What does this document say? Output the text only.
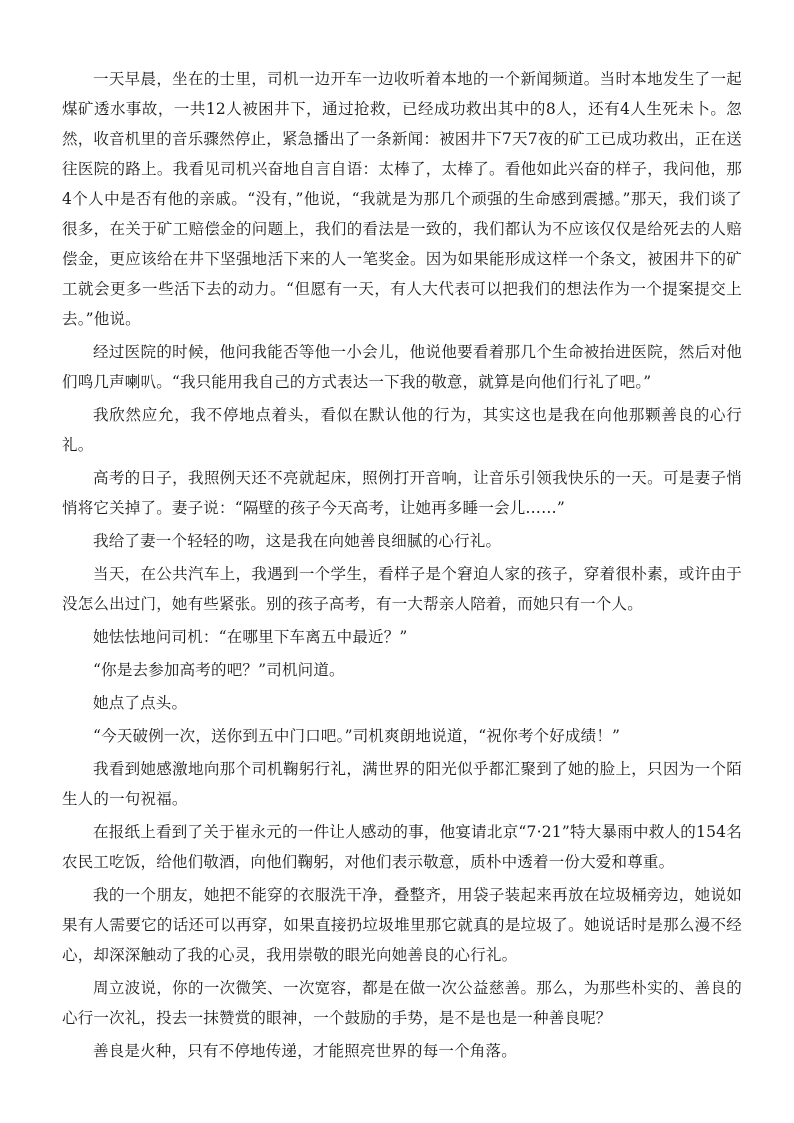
一天早晨，坐在的士里，司机一边开车一边收听着本地的一个新闻频道。当时本地发生了一起煤矿透水事故，一共12人被困井下，通过抢救，已经成功救出其中的8人，还有4人生死未卜。忽然，收音机里的音乐骤然停止，紧急播出了一条新闻：被困井下7天7夜的矿工已成功救出，正在送往医院的路上。我看见司机兴奋地自言自语：太棒了，太棒了。看他如此兴奋的样子，我问他，那4个人中是否有他的亲戚。“没有，”他说，“我就是为那几个顽强的生命感到震撼。”那天，我们谈了很多，在关于矿工赔偿金的问题上，我们的看法是一致的，我们都认为不应该仅仅是给死去的人赔偿金，更应该给在井下坚强地活下来的人一笔奖金。因为如果能形成这样一个条文，被困井下的矿工就会更多一些活下去的动力。“但愿有一天，有人大代表可以把我们的想法作为一个提案提交上去。”他说。

经过医院的时候，他问我能否等他一小会儿，他说他要看着那几个生命被抬进医院，然后对他们鸣几声喇叭。“我只能用我自己的方式表达一下我的敬意，就算是向他们行礼了吧。”

我欣然应允，我不停地点着头，看似在默认他的行为，其实这也是我在向他那颗善良的心行礼。

高考的日子，我照例天还不亮就起床，照例打开音响，让音乐引领我快乐的一天。可是妻子悄悄将它关掉了。妻子说：“隔壁的孩子今天高考，让她再多睡一会儿……”

我给了妻一个轻轻的吻，这是我在向她善良细腻的心行礼。

当天，在公共汽车上，我遇到一个学生，看样子是个窘迫人家的孩子，穿着很朴素，或许由于没怎么出过门，她有些紧张。别的孩子高考，有一大帮亲人陪着，而她只有一个人。

她怯怯地问司机：“在哪里下车离五中最近？”

“你是去参加高考的吧？”司机问道。

她点了点头。

“今天破例一次，送你到五中门口吧。”司机爽朗地说道，“祝你考个好成绩！”

我看到她感激地向那个司机鞠躬行礼，满世界的阳光似乎都汇聚到了她的脸上，只因为一个陌生人的一句祝福。

在报纸上看到了关于崔永元的一件让人感动的事，他宴请北京“7·21”特大暴雨中救人的154名农民工吃饭，给他们敬酒，向他们鞠躬，对他们表示敬意，质朴中透着一份大爱和尊重。

我的一个朋友，她把不能穿的衣服洗干净，叠整齐，用袋子装起来再放在垃圾桶旁边，她说如果有人需要它的话还可以再穿，如果直接扔垃圾堆里那它就真的是垃圾了。她说话时是那么漫不经心，却深深触动了我的心灵，我用崇敬的眼光向她善良的心行礼。

周立波说，你的一次微笑、一次宽容，都是在做一次公益慈善。那么，为那些朴实的、善良的心行一次礼，投去一抹赞赏的眼神，一个鼓励的手势，是不是也是一种善良呢？

善良是火种，只有不停地传递，才能照亮世界的每一个角落。
